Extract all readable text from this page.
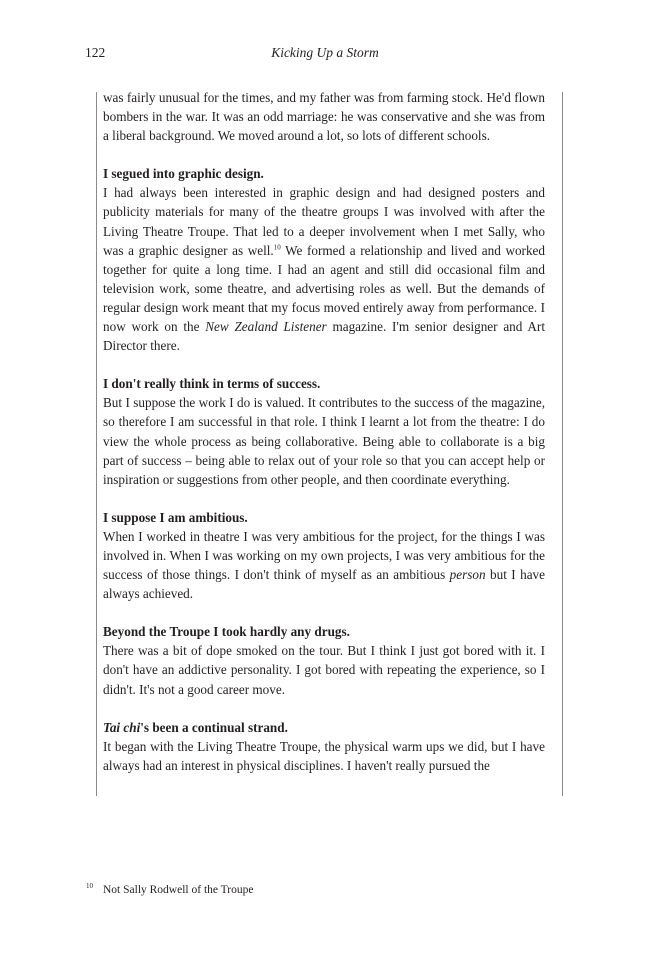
122	Kicking Up a Storm

was fairly unusual for the times, and my father was from farming stock. He'd flown bombers in the war. It was an odd marriage: he was conservative and she was from a liberal background. We moved around a lot, so lots of different schools.

I segued into graphic design.

I had always been interested in graphic design and had designed posters and publicity materials for many of the theatre groups I was involved with after the Living Theatre Troupe. That led to a deeper involvement when I met Sally, who was a graphic designer as well.$^{10}$ We formed a relationship and lived and worked together for quite a long time. I had an agent and still did occasional film and television work, some theatre, and advertising roles as well. But the demands of regular design work meant that my focus moved entirely away from performance. I now work on the New Zealand Listener magazine. I'm senior designer and Art Director there.

I don't really think in terms of success.

But I suppose the work I do is valued. It contributes to the success of the magazine, so therefore I am successful in that role. I think I learnt a lot from the theatre: I do view the whole process as being collaborative. Being able to collaborate is a big part of success – being able to relax out of your role so that you can accept help or inspiration or suggestions from other people, and then coordinate everything.

I suppose I am ambitious.

When I worked in theatre I was very ambitious for the project, for the things I was involved in. When I was working on my own projects, I was very ambitious for the success of those things. I don't think of myself as an ambitious person but I have always achieved.

Beyond the Troupe I took hardly any drugs.

There was a bit of dope smoked on the tour. But I think I just got bored with it. I don't have an addictive personality. I got bored with repeating the experience, so I didn't. It's not a good career move.

Tai chi's been a continual strand.

It began with the Living Theatre Troupe, the physical warm ups we did, but I have always had an interest in physical disciplines. I haven't really pursued the

$^{10}$ Not Sally Rodwell of the Troupe
